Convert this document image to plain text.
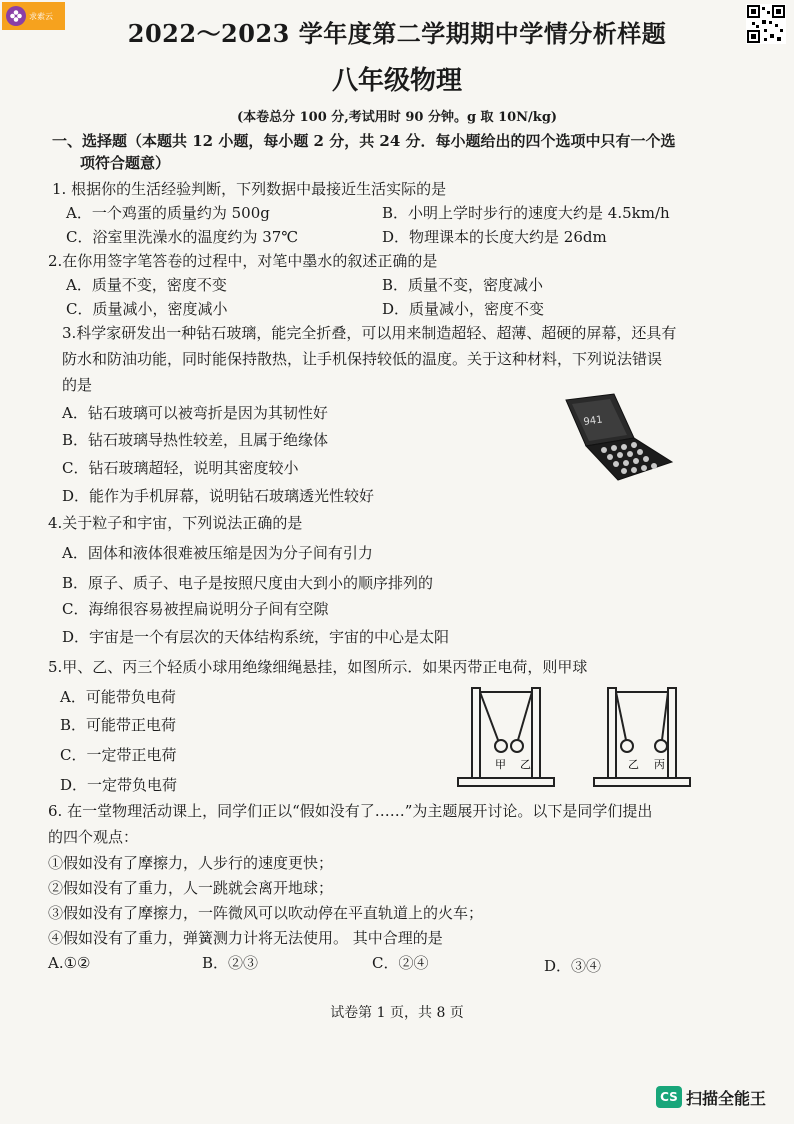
求索云
2022～2023 学年度第二学期期中学情分析样题
八年级物理
(本卷总分 100 分,考试用时 90 分钟。g 取 10N/kg)
一、选择题（本题共 12 小题，每小题 2 分，共 24 分．每小题给出的四个选项中只有一个选
项符合题意）
1. 根据你的生活经验判断，下列数据中最接近生活实际的是
A．一个鸡蛋的质量约为 500g	B．小明上学时步行的速度大约是 4.5km/h
C．浴室里洗澡水的温度约为 37℃	D．物理课本的长度大约是 26dm
2.在你用签字笔答卷的过程中，对笔中墨水的叙述正确的是
A．质量不变，密度不变	B．质量不变，密度减小
C．质量减小，密度减小	D．质量减小，密度不变
3.科学家研发出一种钻石玻璃，能完全折叠，可以用来制造超轻、超薄、超硬的屏幕，还具有
防水和防油功能，同时能保持散热，让手机保持较低的温度。关于这种材料，下列说法错误
的是
A．钻石玻璃可以被弯折是因为其韧性好
B．钻石玻璃导热性较差，且属于绝缘体
C．钻石玻璃超轻，说明其密度较小
D．能作为手机屏幕，说明钻石玻璃透光性较好
941
4.关于粒子和宇宙，下列说法正确的是
A．固体和液体很难被压缩是因为分子间有引力
B．原子、质子、电子是按照尺度由大到小的顺序排列的
C．海绵很容易被捏扁说明分子间有空隙
D．宇宙是一个有层次的天体结构系统，宇宙的中心是太阳
5.甲、乙、丙三个轻质小球用绝缘细绳悬挂，如图所示．如果丙带正电荷，则甲球
A．可能带负电荷
B．可能带正电荷
C．一定带正电荷
D．一定带负电荷
甲 乙	乙 丙
6. 在一堂物理活动课上，同学们正以“假如没有了……”为主题展开讨论。以下是同学们提出
的四个观点：
①假如没有了摩擦力，人步行的速度更快；
②假如没有了重力，人一跳就会离开地球；
③假如没有了摩擦力，一阵微风可以吹动停在平直轨道上的火车；
④假如没有了重力，弹簧测力计将无法使用。 其中合理的是
A.①②	B．②③	C．②④	D．③④
试卷第 1 页，共 8 页
CS 扫描全能王
